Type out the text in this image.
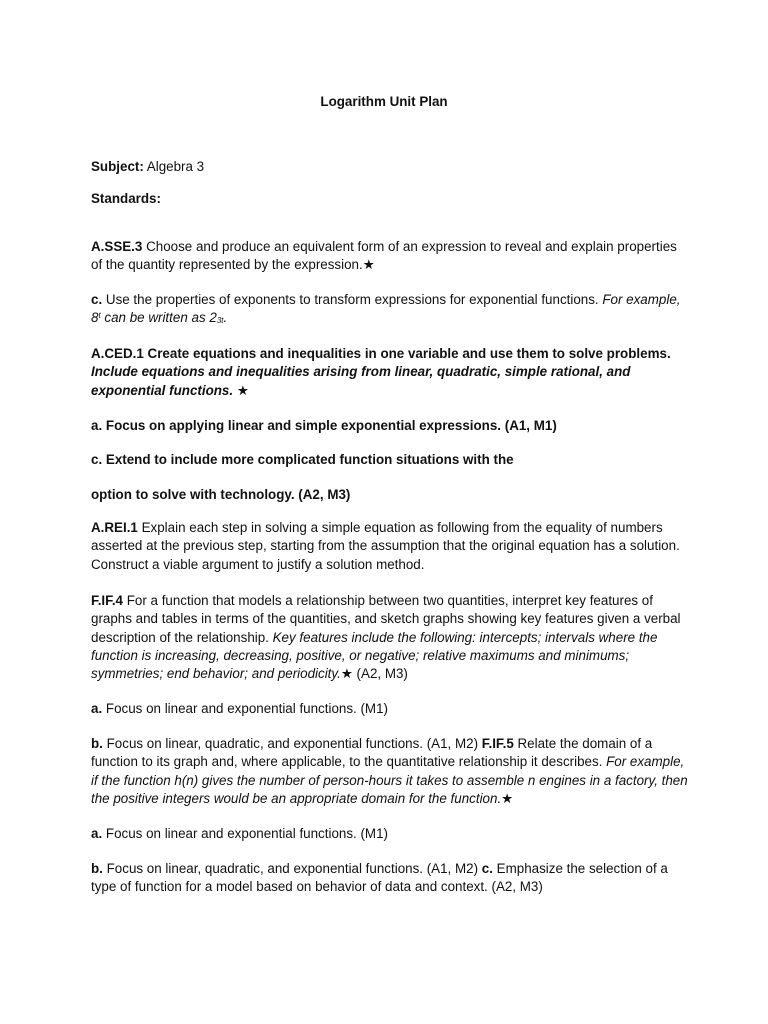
Logarithm Unit Plan

Subject: Algebra 3

Standards:

A.SSE.3 Choose and produce an equivalent form of an expression to reveal and explain properties of the quantity represented by the expression.★

c. Use the properties of exponents to transform expressions for exponential functions. For example, 8$^t$ can be written as $2_{3t}$.

A.CED.1 Create equations and inequalities in one variable and use them to solve problems. Include equations and inequalities arising from linear, quadratic, simple rational, and exponential functions. ★

a. Focus on applying linear and simple exponential expressions. (A1, M1)

c. Extend to include more complicated function situations with the

option to solve with technology. (A2, M3)

A.REI.1 Explain each step in solving a simple equation as following from the equality of numbers asserted at the previous step, starting from the assumption that the original equation has a solution. Construct a viable argument to justify a solution method.

F.IF.4 For a function that models a relationship between two quantities, interpret key features of graphs and tables in terms of the quantities, and sketch graphs showing key features given a verbal description of the relationship. Key features include the following: intercepts; intervals where the function is increasing, decreasing, positive, or negative; relative maximums and minimums; symmetries; end behavior; and periodicity.★ (A2, M3)

a. Focus on linear and exponential functions. (M1)

b. Focus on linear, quadratic, and exponential functions. (A1, M2) F.IF.5 Relate the domain of a function to its graph and, where applicable, to the quantitative relationship it describes. For example, if the function h(n) gives the number of person-hours it takes to assemble n engines in a factory, then the positive integers would be an appropriate domain for the function.★

a. Focus on linear and exponential functions. (M1)

b. Focus on linear, quadratic, and exponential functions. (A1, M2) c. Emphasize the selection of a type of function for a model based on behavior of data and context. (A2, M3)
